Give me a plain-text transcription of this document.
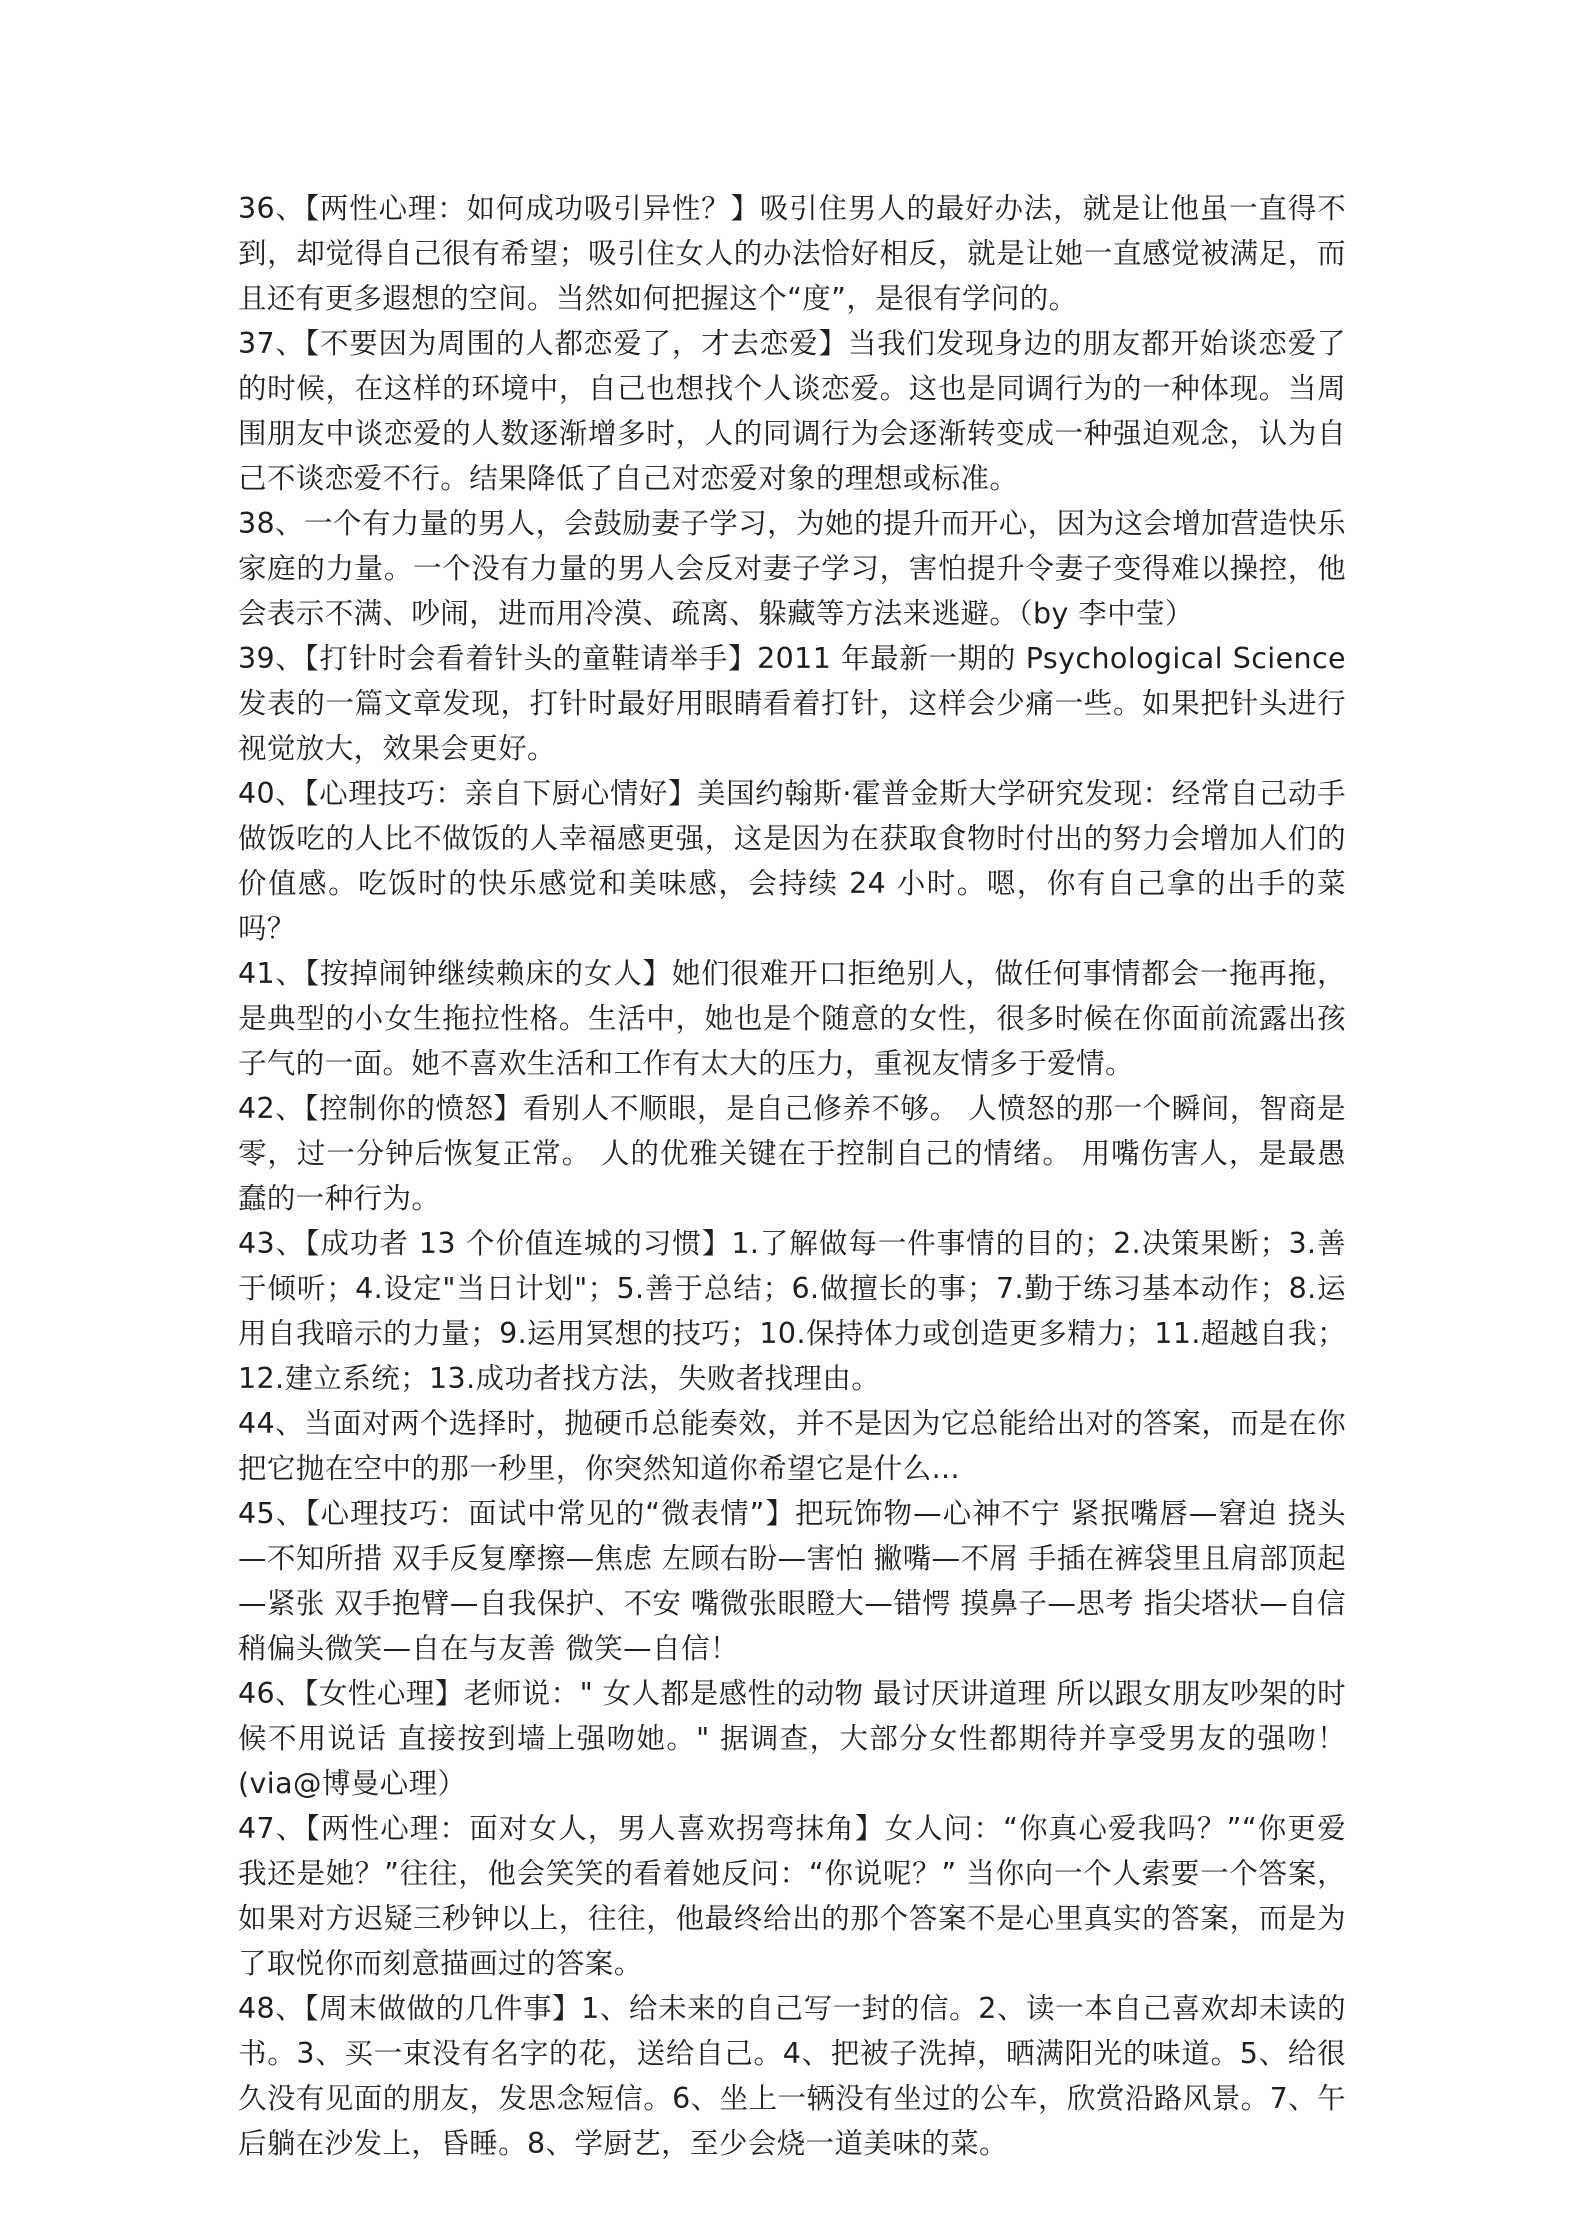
36、【两性心理：如何成功吸引异性？】吸引住男人的最好办法，就是让他虽一直得不到，却觉得自己很有希望；吸引住女人的办法恰好相反，就是让她一直感觉被满足，而且还有更多遐想的空间。当然如何把握这个“度”，是很有学问的。

37、【不要因为周围的人都恋爱了，才去恋爱】当我们发现身边的朋友都开始谈恋爱了的时候，在这样的环境中，自己也想找个人谈恋爱。这也是同调行为的一种体现。当周围朋友中谈恋爱的人数逐渐增多时，人的同调行为会逐渐转变成一种强迫观念，认为自己不谈恋爱不行。结果降低了自己对恋爱对象的理想或标准。

38、一个有力量的男人，会鼓励妻子学习，为她的提升而开心，因为这会增加营造快乐家庭的力量。一个没有力量的男人会反对妻子学习，害怕提升令妻子变得难以操控，他会表示不满、吵闹，进而用冷漠、疏离、躲藏等方法来逃避。（by 李中莹）

39、【打针时会看着针头的童鞋请举手】2011 年最新一期的 Psychological Science 发表的一篇文章发现，打针时最好用眼睛看着打针，这样会少痛一些。如果把针头进行视觉放大，效果会更好。

40、【心理技巧：亲自下厨心情好】美国约翰斯·霍普金斯大学研究发现：经常自己动手做饭吃的人比不做饭的人幸福感更强，这是因为在获取食物时付出的努力会增加人们的价值感。吃饭时的快乐感觉和美味感，会持续 24 小时。嗯，你有自己拿的出手的菜吗？

41、【按掉闹钟继续赖床的女人】她们很难开口拒绝别人，做任何事情都会一拖再拖，是典型的小女生拖拉性格。生活中，她也是个随意的女性，很多时候在你面前流露出孩子气的一面。她不喜欢生活和工作有太大的压力，重视友情多于爱情。

42、【控制你的愤怒】看别人不顺眼，是自己修养不够。 人愤怒的那一个瞬间，智商是零，过一分钟后恢复正常。 人的优雅关键在于控制自己的情绪。 用嘴伤害人，是最愚蠢的一种行为。

43、【成功者 13 个价值连城的习惯】1.了解做每一件事情的目的；2.决策果断；3.善于倾听；4.设定"当日计划"；5.善于总结；6.做擅长的事；7.勤于练习基本动作；8.运用自我暗示的力量；9.运用冥想的技巧；10.保持体力或创造更多精力；11.超越自我；12.建立系统；13.成功者找方法，失败者找理由。

44、当面对两个选择时，抛硬币总能奏效，并不是因为它总能给出对的答案，而是在你把它抛在空中的那一秒里，你突然知道你希望它是什么...

45、【心理技巧：面试中常见的“微表情”】把玩饰物—心神不宁 紧抿嘴唇—窘迫 挠头—不知所措 双手反复摩擦—焦虑 左顾右盼—害怕 撇嘴—不屑 手插在裤袋里且肩部顶起—紧张 双手抱臂—自我保护、不安 嘴微张眼瞪大—错愕 摸鼻子—思考 指尖塔状—自信 稍偏头微笑—自在与友善 微笑—自信！

46、【女性心理】老师说：" 女人都是感性的动物 最讨厌讲道理 所以跟女朋友吵架的时候不用说话 直接按到墙上强吻她。" 据调查，大部分女性都期待并享受男友的强吻！(via@博曼心理）

47、【两性心理：面对女人，男人喜欢拐弯抹角】女人问：“你真心爱我吗？”“你更爱我还是她？”往往，他会笑笑的看着她反问：“你说呢？” 当你向一个人索要一个答案，如果对方迟疑三秒钟以上，往往，他最终给出的那个答案不是心里真实的答案，而是为了取悦你而刻意描画过的答案。

48、【周末做做的几件事】1、给未来的自己写一封的信。2、读一本自己喜欢却未读的书。3、买一束没有名字的花，送给自己。4、把被子洗掉，晒满阳光的味道。5、给很久没有见面的朋友，发思念短信。6、坐上一辆没有坐过的公车，欣赏沿路风景。7、午后躺在沙发上，昏睡。8、学厨艺，至少会烧一道美味的菜。
